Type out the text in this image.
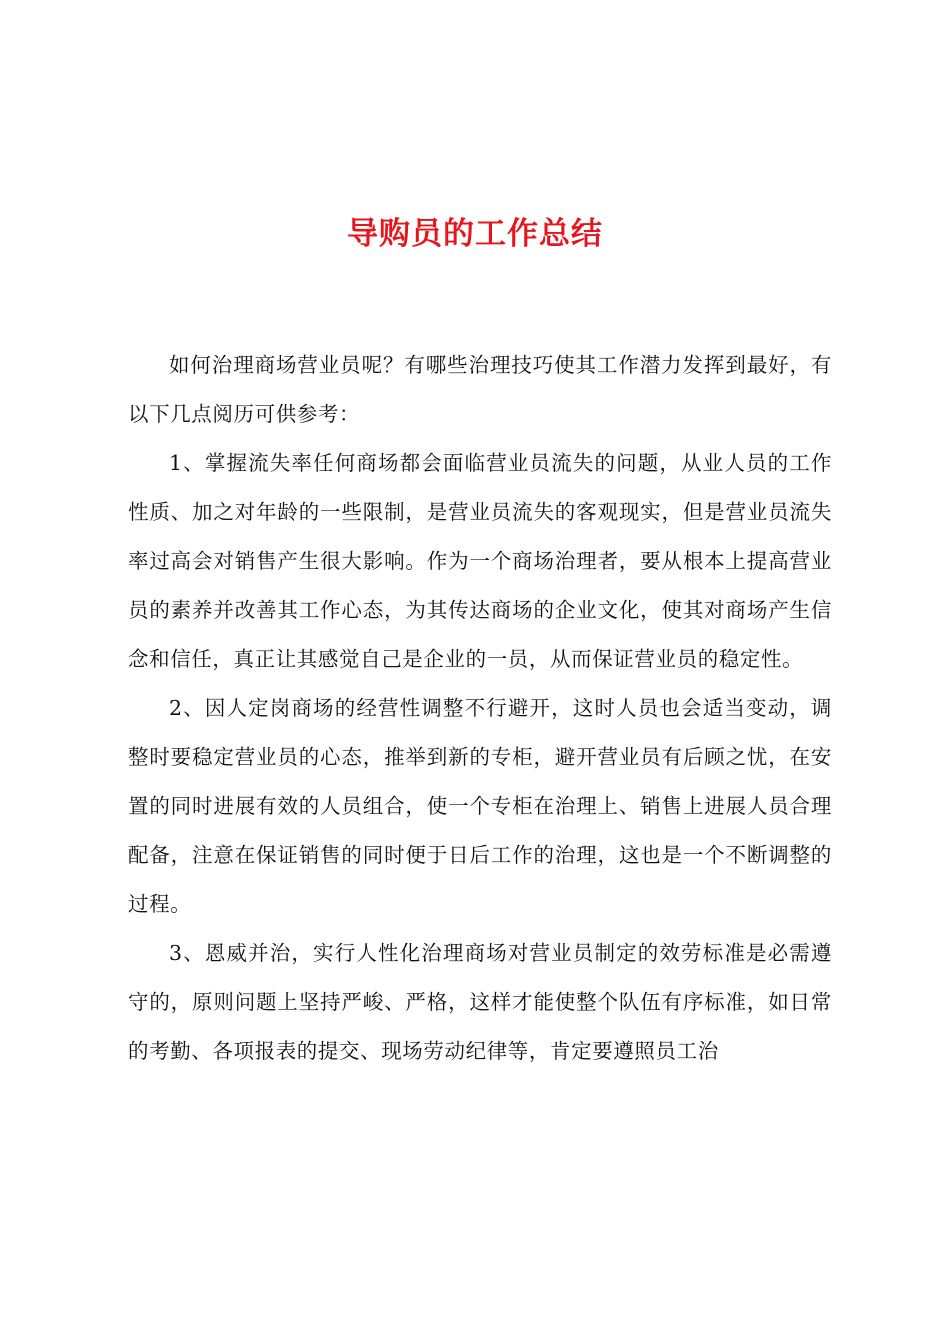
导购员的工作总结

如何治理商场营业员呢？有哪些治理技巧使其工作潜力发挥到最好，有以下几点阅历可供参考：

1、掌握流失率任何商场都会面临营业员流失的问题，从业人员的工作性质、加之对年龄的一些限制，是营业员流失的客观现实，但是营业员流失率过高会对销售产生很大影响。作为一个商场治理者，要从根本上提高营业员的素养并改善其工作心态，为其传达商场的企业文化，使其对商场产生信念和信任，真正让其感觉自己是企业的一员，从而保证营业员的稳定性。

2、因人定岗商场的经营性调整不行避开，这时人员也会适当变动，调整时要稳定营业员的心态，推举到新的专柜，避开营业员有后顾之忧，在安置的同时进展有效的人员组合，使一个专柜在治理上、销售上进展人员合理配备，注意在保证销售的同时便于日后工作的治理，这也是一个不断调整的过程。

3、恩威并治，实行人性化治理商场对营业员制定的效劳标准是必需遵守的，原则问题上坚持严峻、严格，这样才能使整个队伍有序标准，如日常的考勤、各项报表的提交、现场劳动纪律等，肯定要遵照员工治
